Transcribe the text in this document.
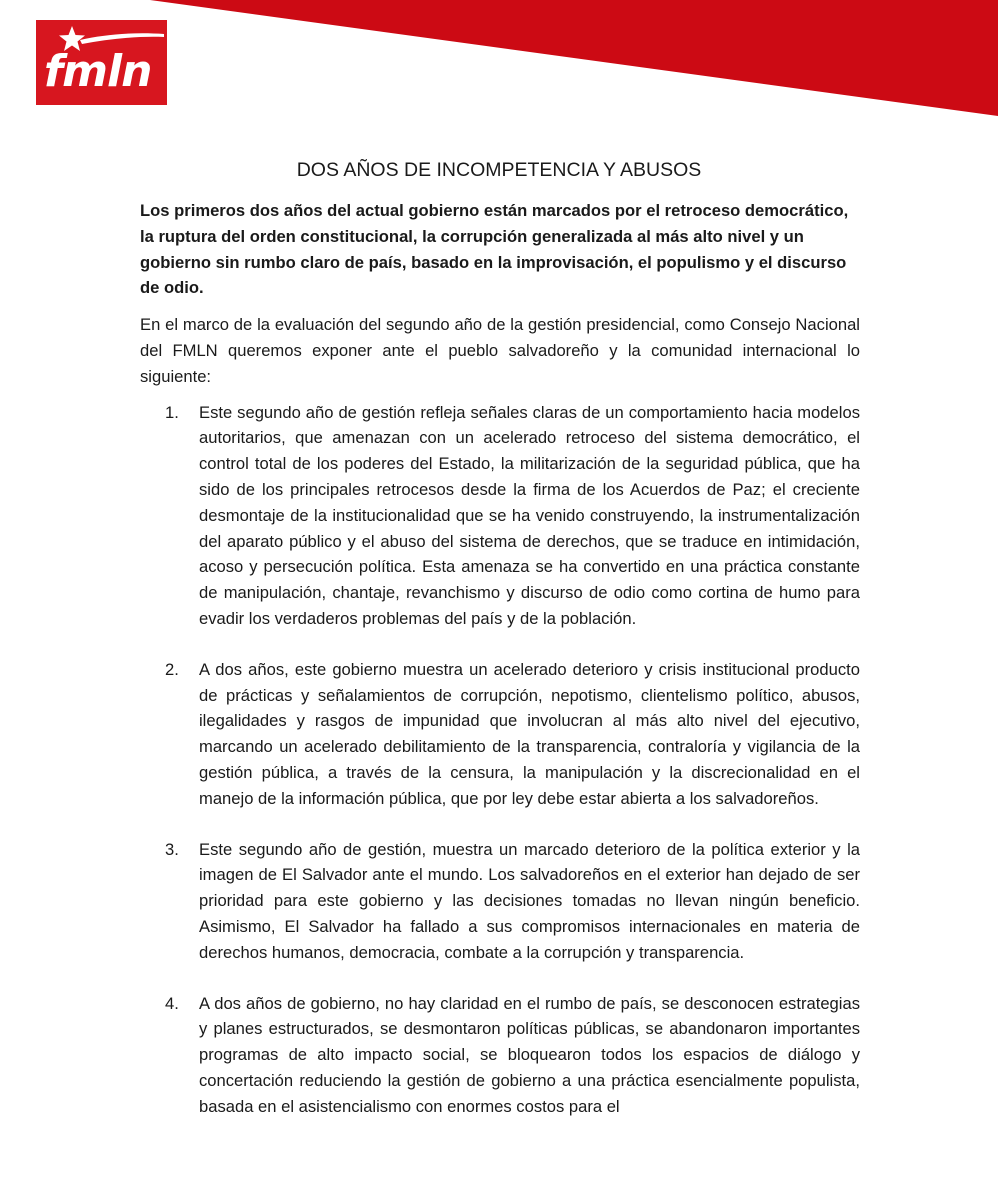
fmln
DOS AÑOS DE INCOMPETENCIA Y ABUSOS

Los primeros dos años del actual gobierno están marcados por el retroceso democrático, la ruptura del orden constitucional, la corrupción generalizada al más alto nivel y un gobierno sin rumbo claro de país, basado en la improvisación, el populismo y el discurso de odio.

En el marco de la evaluación del segundo año de la gestión presidencial, como Consejo Nacional del FMLN queremos exponer ante el pueblo salvadoreño y la comunidad internacional lo siguiente:

1. Este segundo año de gestión refleja señales claras de un comportamiento hacia modelos autoritarios, que amenazan con un acelerado retroceso del sistema democrático, el control total de los poderes del Estado, la militarización de la seguridad pública, que ha sido de los principales retrocesos desde la firma de los Acuerdos de Paz; el creciente desmontaje de la institucionalidad que se ha venido construyendo, la instrumentalización del aparato público y el abuso del sistema de derechos, que se traduce en intimidación, acoso y persecución política. Esta amenaza se ha convertido en una práctica constante de manipulación, chantaje, revanchismo y discurso de odio como cortina de humo para evadir los verdaderos problemas del país y de la población.
2. A dos años, este gobierno muestra un acelerado deterioro y crisis institucional producto de prácticas y señalamientos de corrupción, nepotismo, clientelismo político, abusos, ilegalidades y rasgos de impunidad que involucran al más alto nivel del ejecutivo, marcando un acelerado debilitamiento de la transparencia, contraloría y vigilancia de la gestión pública, a través de la censura, la manipulación y la discrecionalidad en el manejo de la información pública, que por ley debe estar abierta a los salvadoreños.
3. Este segundo año de gestión, muestra un marcado deterioro de la política exterior y la imagen de El Salvador ante el mundo. Los salvadoreños en el exterior han dejado de ser prioridad para este gobierno y las decisiones tomadas no llevan ningún beneficio. Asimismo, El Salvador ha fallado a sus compromisos internacionales en materia de derechos humanos, democracia, combate a la corrupción y transparencia.
4. A dos años de gobierno, no hay claridad en el rumbo de país, se desconocen estrategias y planes estructurados, se desmontaron políticas públicas, se abandonaron importantes programas de alto impacto social, se bloquearon todos los espacios de diálogo y concertación reduciendo la gestión de gobierno a una práctica esencialmente populista, basada en el asistencialismo con enormes costos para el
